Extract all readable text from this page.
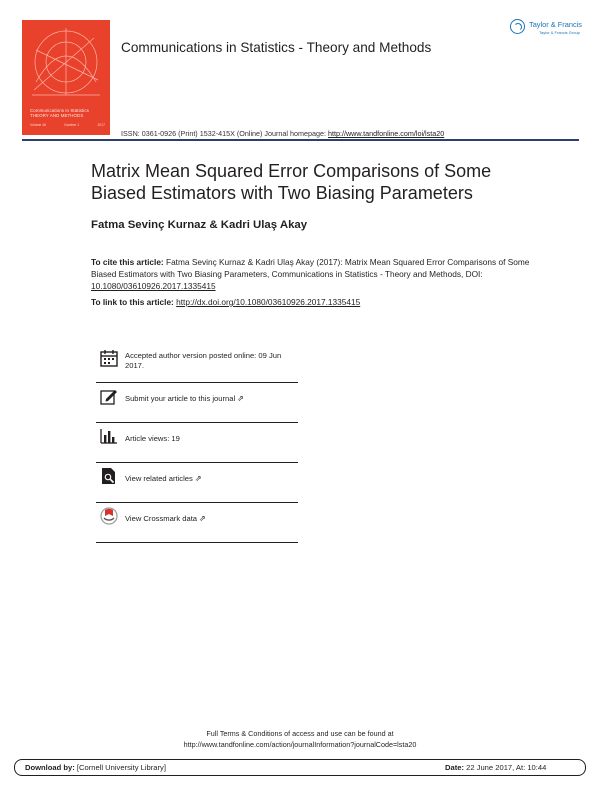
Communications in Statistics
THEORY AND METHODS
Volume 46	Number 1	2017
Communications in Statistics - Theory and Methods
Taylor & Francis
Taylor & Francis Group
ISSN: 0361-0926 (Print) 1532-415X (Online) Journal homepage: http://www.tandfonline.com/loi/lsta20
Matrix Mean Squared Error Comparisons of Some Biased Estimators with Two Biasing Parameters
Fatma Sevinç Kurnaz & Kadri Ulaş Akay
To cite this article: Fatma Sevinç Kurnaz & Kadri Ulaş Akay (2017): Matrix Mean Squared Error Comparisons of Some Biased Estimators with Two Biasing Parameters, Communications in Statistics - Theory and Methods, DOI: 10.1080/03610926.2017.1335415
To link to this article: http://dx.doi.org/10.1080/03610926.2017.1335415
Accepted author version posted online: 09 Jun 2017.
Submit your article to this journal ⇗
Article views: 19
View related articles ⇗
View Crossmark data ⇗
Full Terms & Conditions of access and use can be found at
http://www.tandfonline.com/action/journalInformation?journalCode=lsta20
Download by: [Cornell University Library]	Date: 22 June 2017, At: 10:44
